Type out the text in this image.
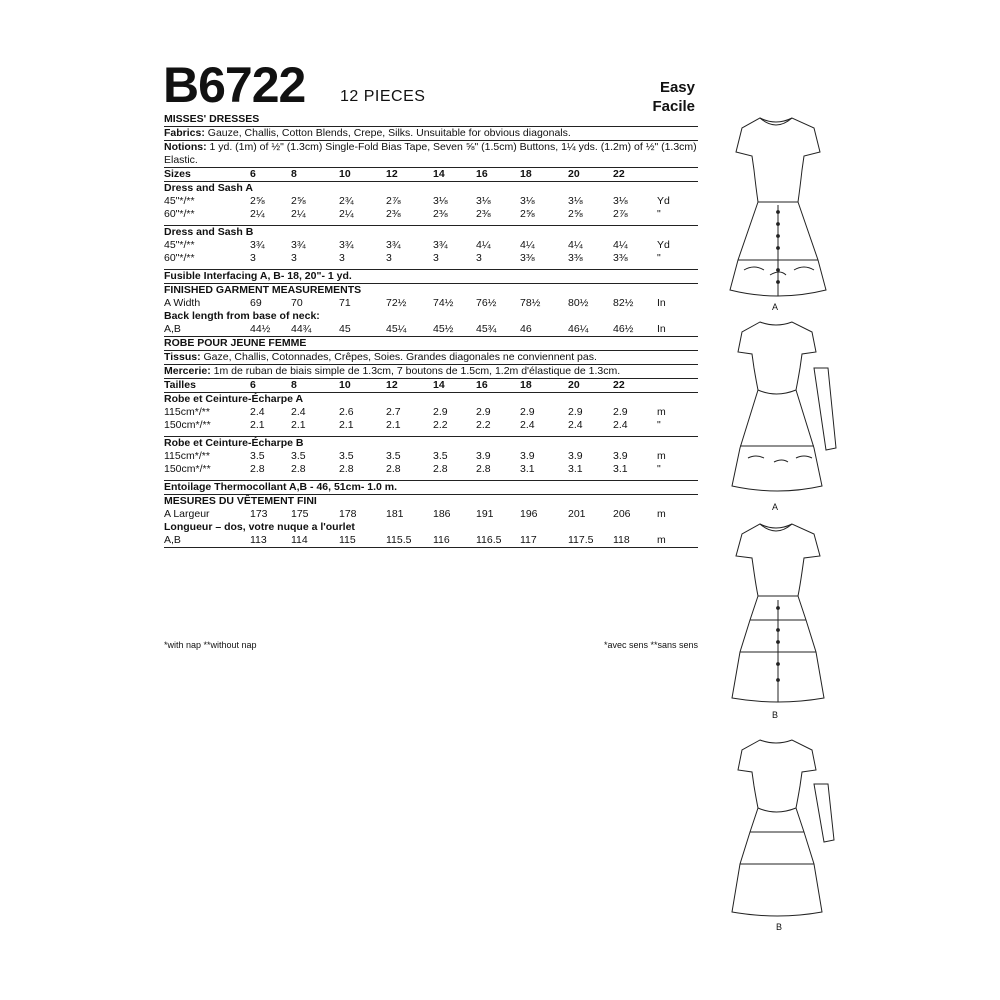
B6722 12 PIECES
Easy
Facile
MISSES' DRESSES
Fabrics: Gauze, Challis, Cotton Blends, Crepe, Silks. Unsuitable for obvious diagonals.
Notions: 1 yd. (1m) of ½" (1.3cm) Single-Fold Bias Tape, Seven ⅝" (1.5cm) Buttons, 1¼ yds. (1.2m) of ½" (1.3cm)
Elastic.
Sizes	6	8	10	12	14	16	18	20	22
Dress and Sash A
45"*/**	2⅝	2⅝	2¾	2⅞	3⅛	3⅛	3⅛	3⅛	3⅛	Yd
60"*/**	2¼	2¼	2¼	2⅜	2⅜	2⅜	2⅝	2⅝	2⅞	"
Dress and Sash B
45"*/**	3¾	3¾	3¾	3¾	3¾	4¼	4¼	4¼	4¼	Yd
60"*/**	3	3	3	3	3	3	3⅜	3⅜	3⅜	"
Fusible Interfacing A, B- 18, 20"- 1 yd.
FINISHED GARMENT MEASUREMENTS
A Width	69	70	71	72½	74½	76½	78½	80½	82½	In
Back length from base of neck:
A,B	44½	44¾	45	45¼	45½	45¾	46	46¼	46½	In
ROBE POUR JEUNE FEMME
Tissus: Gaze, Challis, Cotonnades, Crêpes, Soies. Grandes diagonales ne conviennent pas.
Mercerie: 1m de ruban de biais simple de 1.3cm, 7 boutons de 1.5cm, 1.2m d'élastique de 1.3cm.
Tailles	6	8	10	12	14	16	18	20	22
Robe et Ceinture-Écharpe A
115cm*/**	2.4	2.4	2.6	2.7	2.9	2.9	2.9	2.9	2.9	m
150cm*/**	2.1	2.1	2.1	2.1	2.2	2.2	2.4	2.4	2.4	"
Robe et Ceinture-Écharpe B
115cm*/**	3.5	3.5	3.5	3.5	3.5	3.9	3.9	3.9	3.9	m
150cm*/**	2.8	2.8	2.8	2.8	2.8	2.8	3.1	3.1	3.1	"
Entoilage Thermocollant A,B - 46, 51cm- 1.0 m.
MESURES DU VÊTEMENT FINI
A Largeur	173	175	178	181	186	191	196	201	206	m
Longueur – dos, votre nuque a l'ourlet
A,B	113	114	115	115.5	116	116.5	117	117.5	118	m
*with nap **without nap	*avec sens **sans sens
A
A
B
B
